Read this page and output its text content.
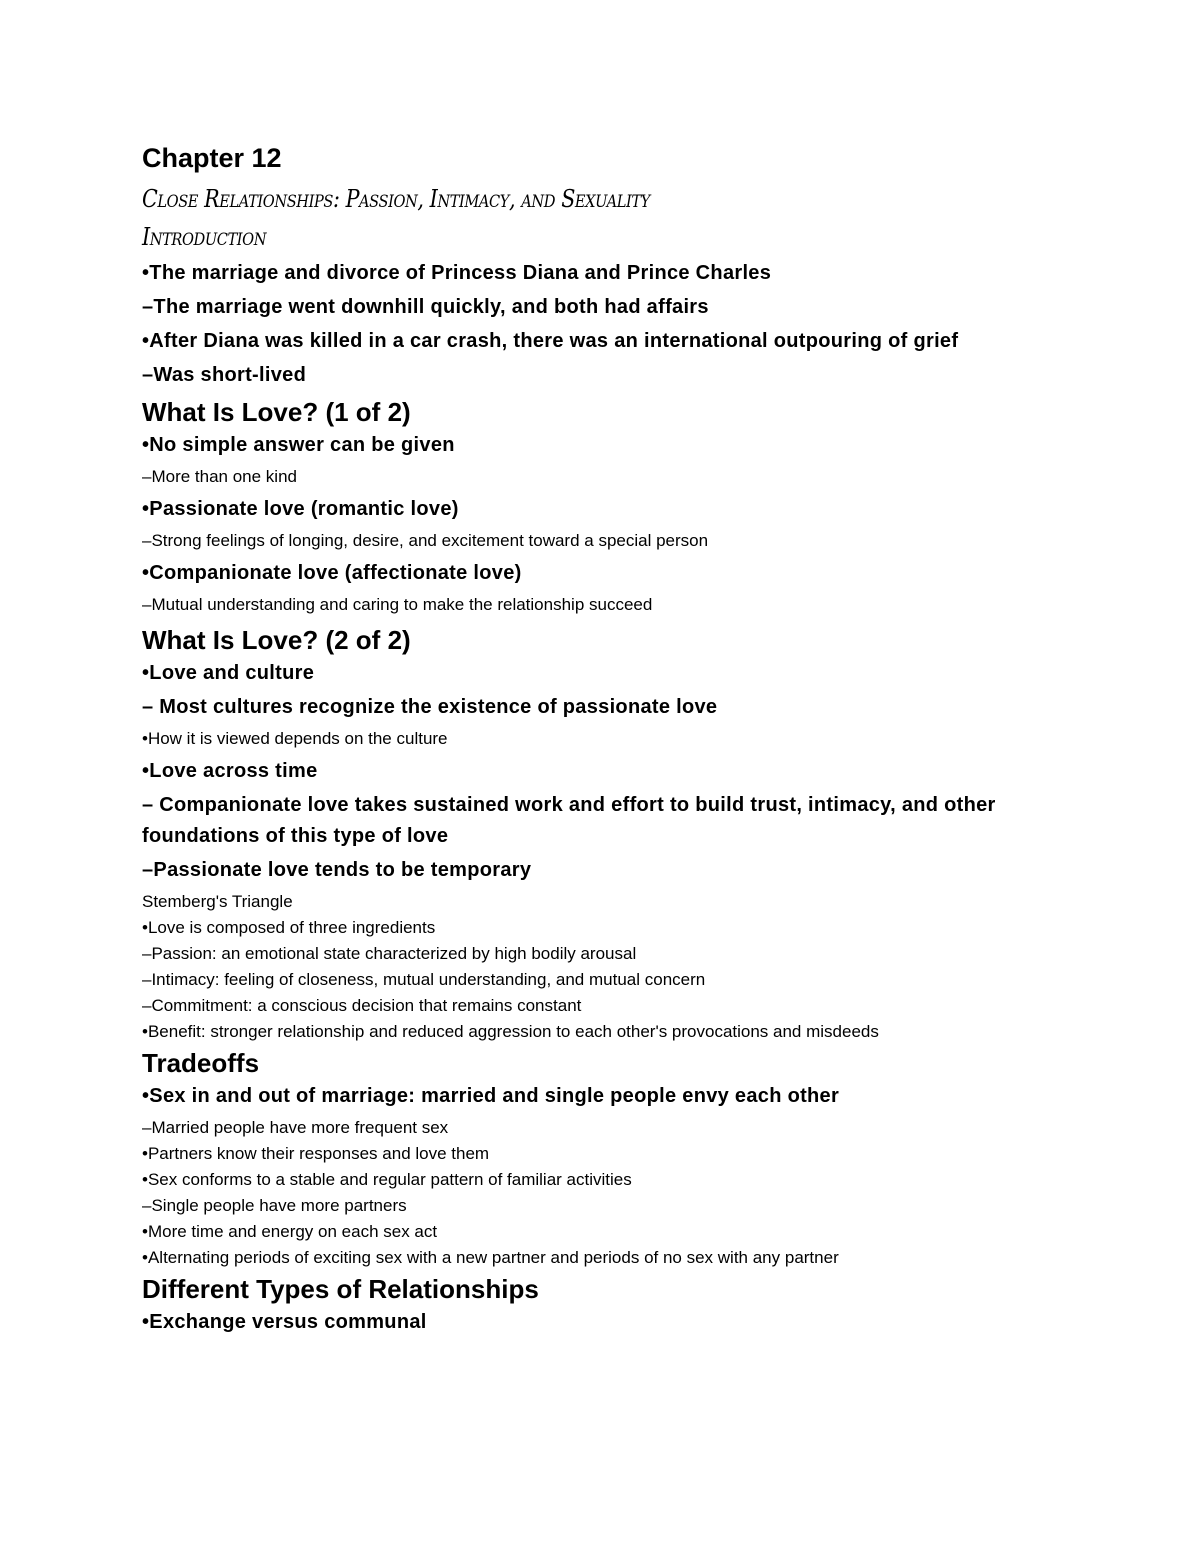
Chapter 12
Close Relationships: Passion, Intimacy, and Sexuality
Introduction
•The marriage and divorce of Princess Diana and Prince Charles
–The marriage went downhill quickly, and both had affairs
•After Diana was killed in a car crash, there was an international outpouring of grief
–Was short-lived
What Is Love? (1 of 2)
•No simple answer can be given
–More than one kind
•Passionate love (romantic love)
–Strong feelings of longing, desire, and excitement toward a special person
•Companionate love (affectionate love)
–Mutual understanding and caring to make the relationship succeed
What Is Love? (2 of 2)
•Love and culture
– Most cultures recognize the existence of passionate love
•How it is viewed depends on the culture
•Love across time
– Companionate love takes sustained work and effort to build trust, intimacy, and other foundations of this type of love
–Passionate love tends to be temporary
Stemberg's Triangle
•Love is composed of three ingredients
–Passion: an emotional state characterized by high bodily arousal
–Intimacy: feeling of closeness, mutual understanding, and mutual concern
–Commitment: a conscious decision that remains constant
•Benefit: stronger relationship and reduced aggression to each other's provocations and misdeeds
Tradeoffs
•Sex in and out of marriage: married and single people envy each other
–Married people have more frequent sex
•Partners know their responses and love them
•Sex conforms to a stable and regular pattern of familiar activities
–Single people have more partners
•More time and energy on each sex act
•Alternating periods of exciting sex with a new partner and periods of no sex with any partner
Different Types of Relationships
•Exchange versus communal
